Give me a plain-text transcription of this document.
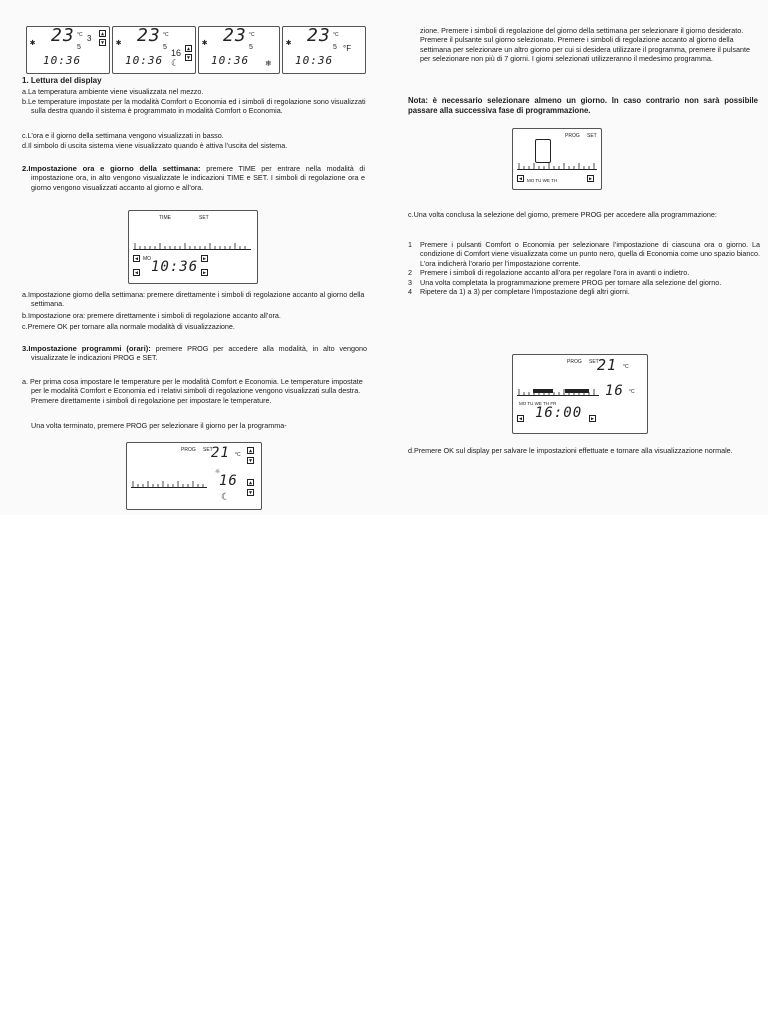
✱ 23
5
°C 3	▲
▼
10:36
✱ 23
5
°C
16
☾
▲
▼
10:36
✱ 23
5
°C
❄
10:36
✱ 23
5
°C
°F
10:36

1. Lettura del display

a.La temperatura ambiente viene visualizzata nel mezzo.

b.Le temperature impostate per la modalità Comfort o Economia ed i simboli di regolazione sono visualizzati sulla destra quando il sistema è programmato in modalità Comfort o Economia.

c.L’ora e il giorno della settimana vengono visualizzati in basso.

d.Il simbolo di uscita sistema viene visualizzato quando è attiva l’uscita del sistema.

2.Impostazione ora e giorno della settimana: premere TIME per entrare nella modalità di impostazione ora, in alto vengono visualizzate le indicazioni TIME e SET. I simboli di regolazione ora e giorno vengono visualizzati accanto al giorno e all’ora.

TIME	SET
◀	MO	▶
◀ 10:36 ▶

a.Impostazione giorno della settimana: premere direttamente i simboli di regolazione accanto al giorno della settimana.

b.Impostazione ora: premere direttamente i simboli di regolazione accanto all’ora.

c.Premere OK per tornare alla normale modalità di visualizzazione.

3.Impostazione programmi (orari): premere PROG per accedere alla modalità, in alto vengono visualizzate le indicazioni PROG e SET.

a. Per prima cosa impostare le temperature per le modalità Comfort e Economia. Le temperature impostate per le modalità Comfort e Economia ed i relativi simboli di regolazione vengono visualizzati sulla destra. Premere direttamente i simboli di regolazione per impostare le temperature.

Una volta terminato, premere PROG per selezionare il giorno per la programma-

PROG SET
21 °C
☼
16
☾
▲
▼
▲
▼

zione. Premere i simboli di regolazione del giorno della settimana per selezionare il giorno desiderato. Premere il pulsante sul giorno selezionato. Premere i simboli di regolazione accanto al giorno della settimana per selezionare un altro giorno per cui si desidera utilizzare il programma, premere il pulsante per selezionare non più di 7 giorni. I giorni selezionati utilizzeranno il medesimo programma.

Nota: è necessario selezionare almeno un giorno. In caso contrario non sarà possibile passare alla successiva fase di programmazione.

PROG SET
◀	MO TU WE TH	▶

c.Una volta conclusa la selezione del giorno, premere PROG per accedere alla programmazione:

1 Premere i pulsanti Comfort o Economia per selezionare l’impostazione di ciascuna ora o giorno. La condizione di Comfort viene visualizzata come un punto nero, quella di Economia come uno spazio bianco. L’ora indicherà l’orario per l’impostazione corrente.

2 Premere i simboli di regolazione accanto all’ora per regolare l’ora in avanti o indietro.

3 Una volta completata la programmazione premere PROG per tornare alla selezione del giorno.

4 Ripetere da 1) a 3) per completare l’impostazione degli altri giorni.

PROG SET
21 °C
16 °C
MO TU WE TH FR
◀ 16:00	▶

d.Premere OK sul display per salvare le impostazioni effettuate e tornare alla visualizzazione normale.
